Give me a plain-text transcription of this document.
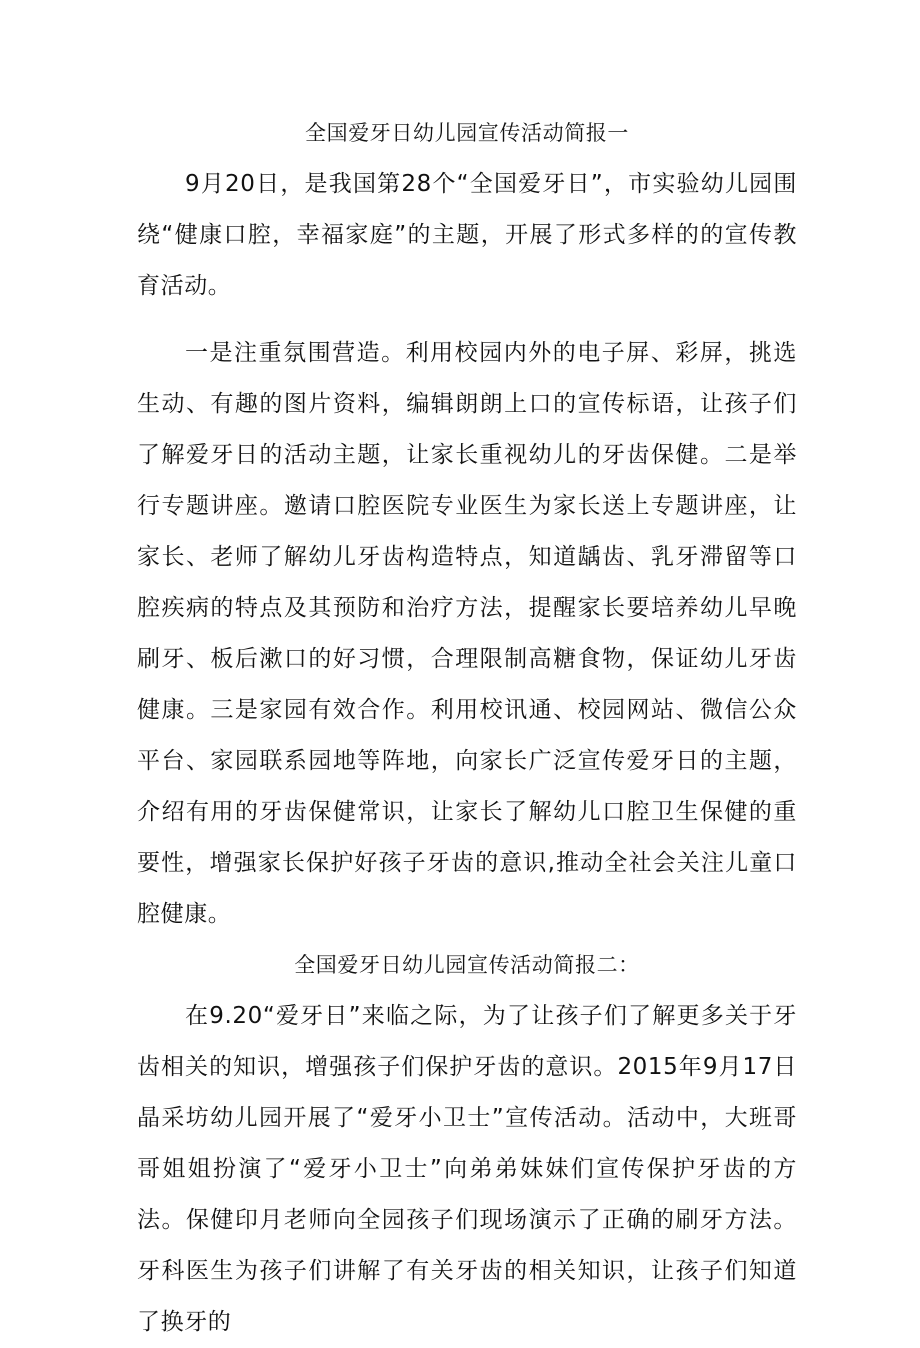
全国爱牙日幼儿园宣传活动简报一

9月20日，是我国第28个“全国爱牙日”，市实验幼儿园围绕“健康口腔，幸福家庭”的主题，开展了形式多样的的宣传教育活动。

一是注重氛围营造。利用校园内外的电子屏、彩屏，挑选生动、有趣的图片资料，编辑朗朗上口的宣传标语，让孩子们了解爱牙日的活动主题，让家长重视幼儿的牙齿保健。二是举行专题讲座。邀请口腔医院专业医生为家长送上专题讲座，让家长、老师了解幼儿牙齿构造特点，知道龋齿、乳牙滞留等口腔疾病的特点及其预防和治疗方法，提醒家长要培养幼儿早晚刷牙、板后漱口的好习惯，合理限制高糖食物，保证幼儿牙齿健康。三是家园有效合作。利用校讯通、校园网站、微信公众平台、家园联系园地等阵地，向家长广泛宣传爱牙日的主题，介绍有用的牙齿保健常识，让家长了解幼儿口腔卫生保健的重要性，增强家长保护好孩子牙齿的意识,推动全社会关注儿童口腔健康。

全国爱牙日幼儿园宣传活动简报二：

在9.20“爱牙日”来临之际，为了让孩子们了解更多关于牙齿相关的知识，增强孩子们保护牙齿的意识。2015年9月17日晶采坊幼儿园开展了“爱牙小卫士”宣传活动。活动中，大班哥哥姐姐扮演了“爱牙小卫士”向弟弟妹妹们宣传保护牙齿的方法。保健印月老师向全园孩子们现场演示了正确的刷牙方法。牙科医生为孩子们讲解了有关牙齿的相关知识，让孩子们知道了换牙的
